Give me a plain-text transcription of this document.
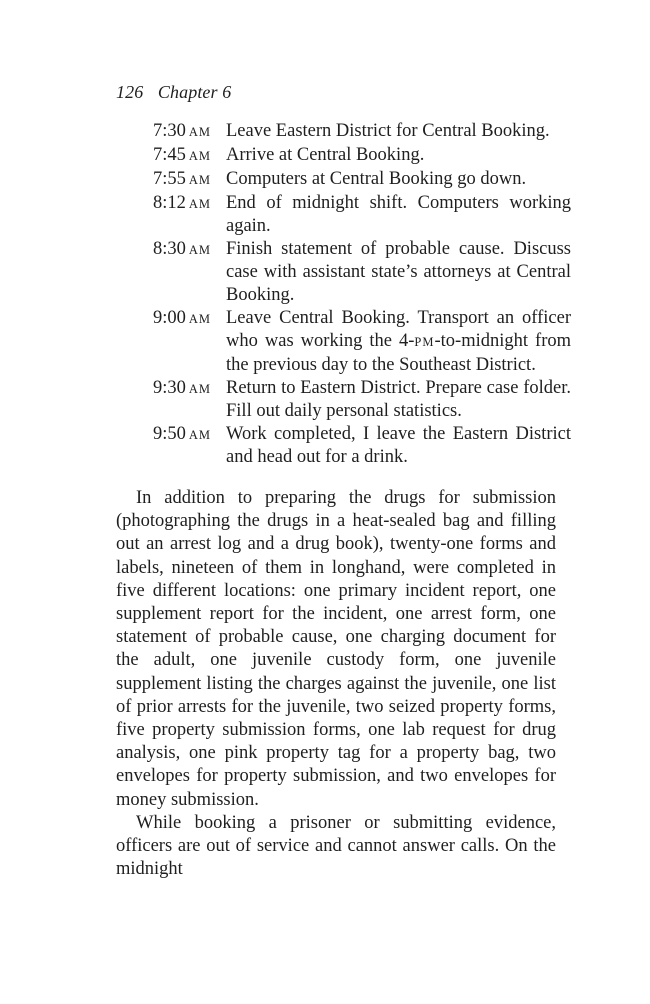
126 Chapter 6
7:30 AM Leave Eastern District for Central Booking.
7:45 AM Arrive at Central Booking.
7:55 AM Computers at Central Booking go down.
8:12 AM End of midnight shift. Computers working again.
8:30 AM Finish statement of probable cause. Discuss case with assistant state’s attorneys at Central Booking.
9:00 AM Leave Central Booking. Transport an officer who was working the 4-PM-to-midnight from the previous day to the Southeast District.
9:30 AM Return to Eastern District. Prepare case folder. Fill out daily personal statistics.
9:50 AM Work completed, I leave the Eastern District and head out for a drink.

In addition to preparing the drugs for submission (photographing the drugs in a heat-sealed bag and filling out an arrest log and a drug book), twenty-one forms and labels, nineteen of them in longhand, were completed in five different locations: one primary incident report, one supplement report for the incident, one arrest form, one statement of probable cause, one charging document for the adult, one juvenile custody form, one juvenile supplement listing the charges against the juvenile, one list of prior arrests for the juvenile, two seized property forms, five property submission forms, one lab request for drug analysis, one pink property tag for a property bag, two envelopes for property submission, and two envelopes for money submission.

While booking a prisoner or submitting evidence, officers are out of service and cannot answer calls. On the midnight
